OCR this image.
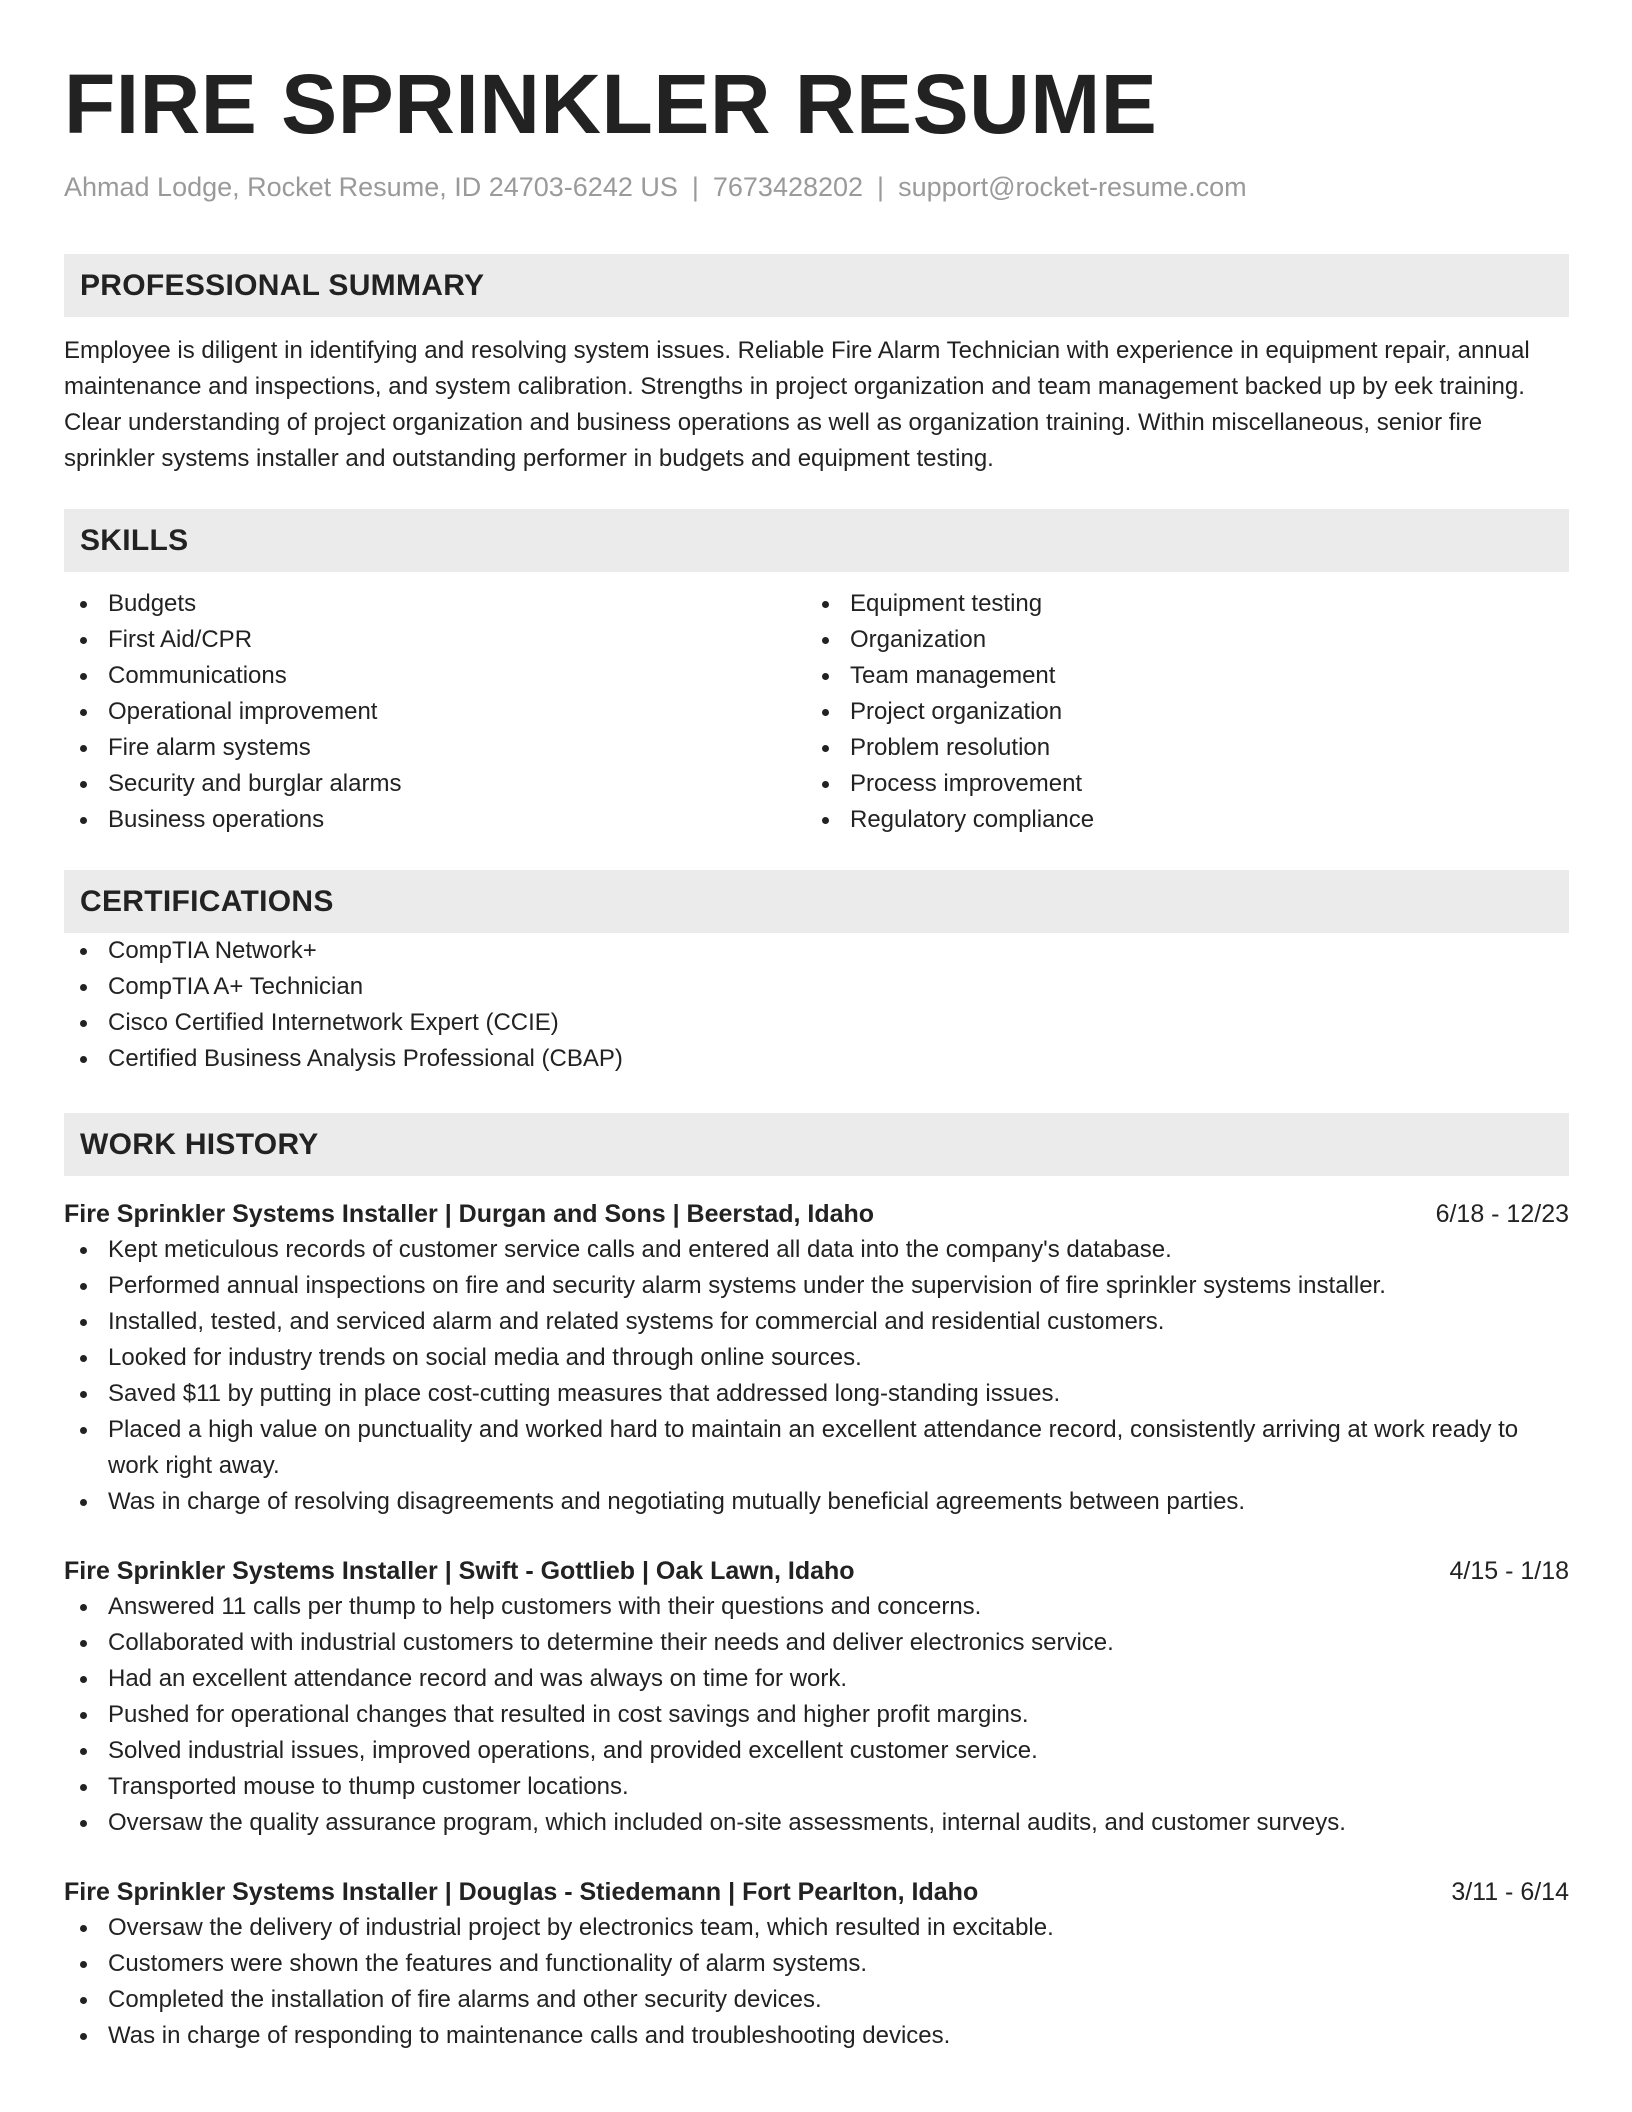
FIRE SPRINKLER RESUME
Ahmad Lodge, Rocket Resume, ID 24703-6242 US | 7673428202 | support@rocket-resume.com
PROFESSIONAL SUMMARY

Employee is diligent in identifying and resolving system issues. Reliable Fire Alarm Technician with experience in equipment repair, annual maintenance and inspections, and system calibration. Strengths in project organization and team management backed up by eek training. Clear understanding of project organization and business operations as well as organization training. Within miscellaneous, senior fire sprinkler systems installer and outstanding performer in budgets and equipment testing.

SKILLS
Budgets
First Aid/CPR
Communications
Operational improvement
Fire alarm systems
Security and burglar alarms
Business operations
Equipment testing
Organization
Team management
Project organization
Problem resolution
Process improvement
Regulatory compliance
CERTIFICATIONS
CompTIA Network+
CompTIA A+ Technician
Cisco Certified Internetwork Expert (CCIE)
Certified Business Analysis Professional (CBAP)
WORK HISTORY
Fire Sprinkler Systems Installer | Durgan and Sons | Beerstad, Idaho	6/18 - 12/23
Kept meticulous records of customer service calls and entered all data into the company's database.
Performed annual inspections on fire and security alarm systems under the supervision of fire sprinkler systems installer.
Installed, tested, and serviced alarm and related systems for commercial and residential customers.
Looked for industry trends on social media and through online sources.
Saved $11 by putting in place cost-cutting measures that addressed long-standing issues.
Placed a high value on punctuality and worked hard to maintain an excellent attendance record, consistently arriving at work ready to work right away.
Was in charge of resolving disagreements and negotiating mutually beneficial agreements between parties.
Fire Sprinkler Systems Installer | Swift - Gottlieb | Oak Lawn, Idaho	4/15 - 1/18
Answered 11 calls per thump to help customers with their questions and concerns.
Collaborated with industrial customers to determine their needs and deliver electronics service.
Had an excellent attendance record and was always on time for work.
Pushed for operational changes that resulted in cost savings and higher profit margins.
Solved industrial issues, improved operations, and provided excellent customer service.
Transported mouse to thump customer locations.
Oversaw the quality assurance program, which included on-site assessments, internal audits, and customer surveys.
Fire Sprinkler Systems Installer | Douglas - Stiedemann | Fort Pearlton, Idaho	3/11 - 6/14
Oversaw the delivery of industrial project by electronics team, which resulted in excitable.
Customers were shown the features and functionality of alarm systems.
Completed the installation of fire alarms and other security devices.
Was in charge of responding to maintenance calls and troubleshooting devices.
